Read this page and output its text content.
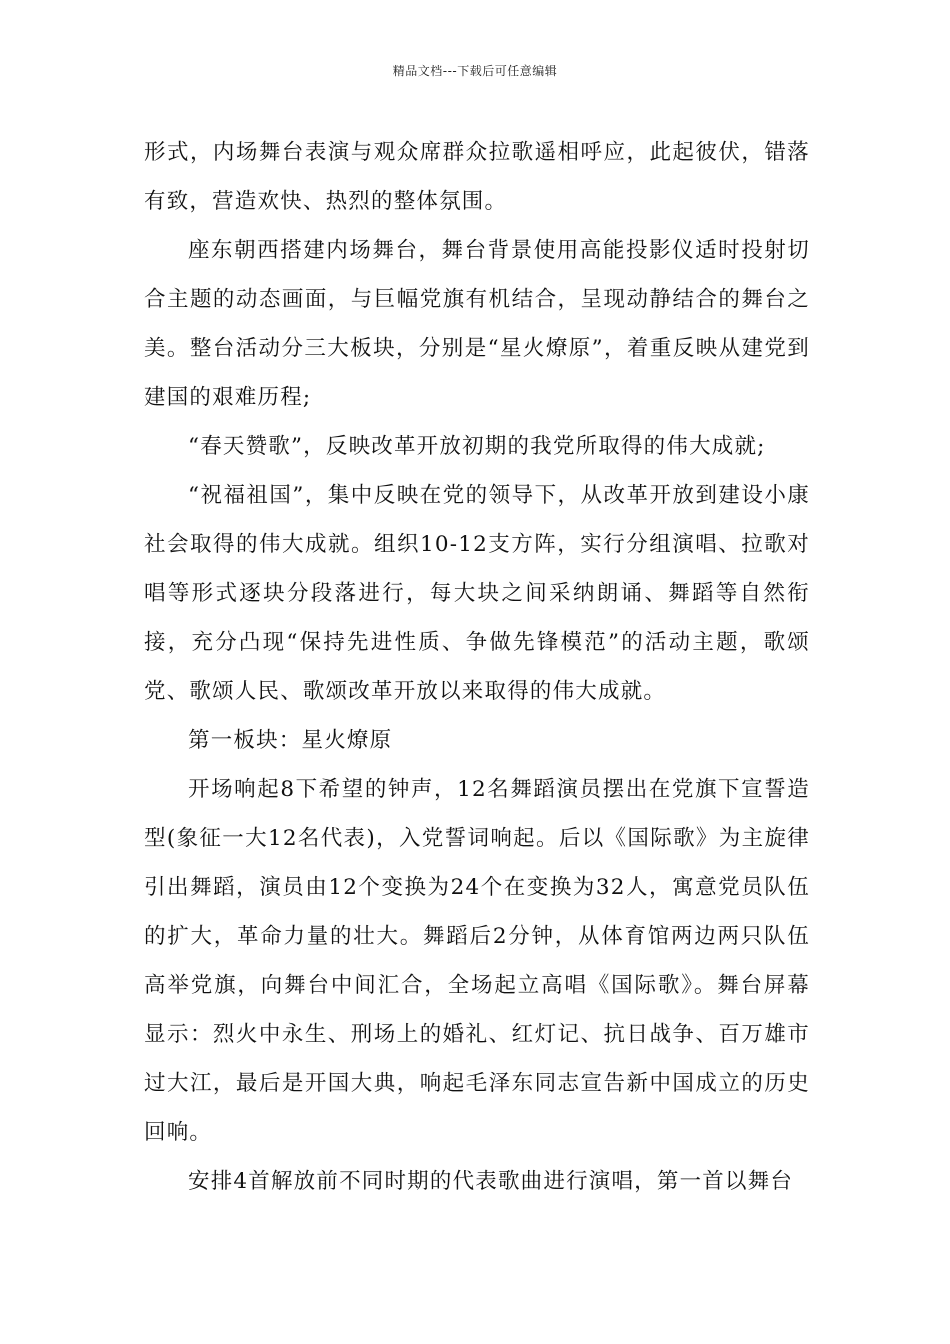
精品文档---下载后可任意编辑

形式，内场舞台表演与观众席群众拉歌遥相呼应，此起彼伏，错落有致，营造欢快、热烈的整体氛围。

座东朝西搭建内场舞台，舞台背景使用高能投影仪适时投射切合主题的动态画面，与巨幅党旗有机结合，呈现动静结合的舞台之美。整台活动分三大板块，分别是“星火燎原”，着重反映从建党到建国的艰难历程;

“春天赞歌”，反映改革开放初期的我党所取得的伟大成就;

“祝福祖国”，集中反映在党的领导下，从改革开放到建设小康社会取得的伟大成就。组织10-12支方阵，实行分组演唱、拉歌对唱等形式逐块分段落进行，每大块之间采纳朗诵、舞蹈等自然衔接，充分凸现“保持先进性质、争做先锋模范”的活动主题，歌颂党、歌颂人民、歌颂改革开放以来取得的伟大成就。

第一板块：星火燎原

开场响起8下希望的钟声，12名舞蹈演员摆出在党旗下宣誓造型(象征一大12名代表)，入党誓词响起。后以《国际歌》为主旋律引出舞蹈，演员由12个变换为24个在变换为32人，寓意党员队伍的扩大，革命力量的壮大。舞蹈后2分钟，从体育馆两边两只队伍高举党旗，向舞台中间汇合，全场起立高唱《国际歌》。舞台屏幕显示：烈火中永生、刑场上的婚礼、红灯记、抗日战争、百万雄市过大江，最后是开国大典，响起毛泽东同志宣告新中国成立的历史回响。

安排4首解放前不同时期的代表歌曲进行演唱，第一首以舞台
